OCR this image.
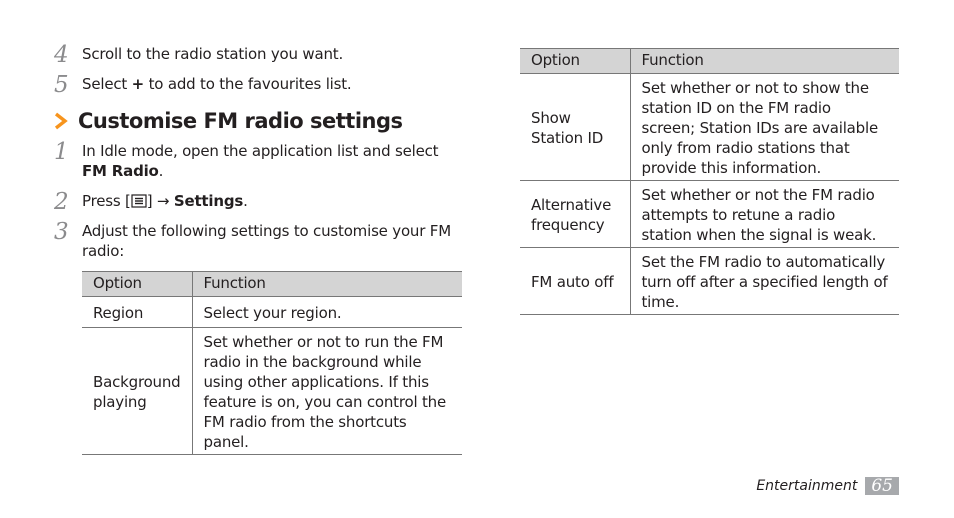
4 Scroll to the radio station you want.
5 Select + to add to the favourites list.
Customise FM radio settings
1 In Idle mode, open the application list and select FM Radio.
2 Press [ ] → Settings.
3 Adjust the following settings to customise your FM radio:
Option	Function
Region	Select your region.
Background playing	Set whether or not to run the FM radio in the background while using other applications. If this feature is on, you can control the FM radio from the shortcuts panel.
Option	Function
Show Station ID	Set whether or not to show the station ID on the FM radio screen; Station IDs are available only from radio stations that provide this information.
Alternative frequency	Set whether or not the FM radio attempts to retune a radio station when the signal is weak.
FM auto off	Set the FM radio to automatically turn off after a specified length of time.
Entertainment 65
